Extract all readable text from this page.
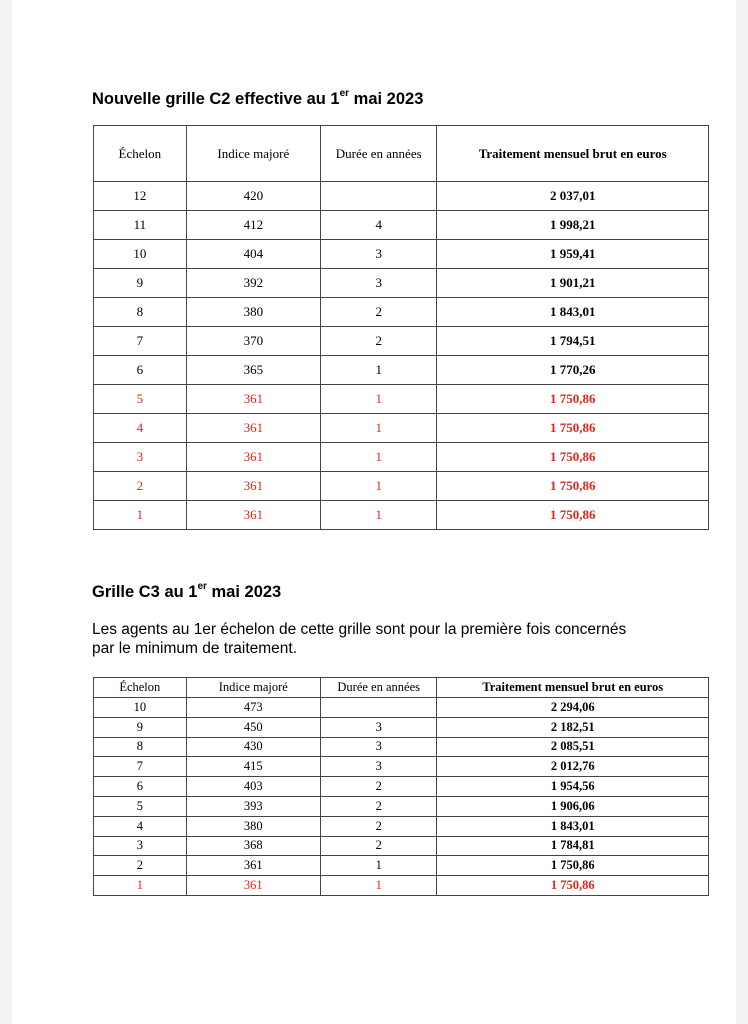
Nouvelle grille C2 effective au 1er mai 2023
Échelon	Indice majoré	Durée en années	Traitement mensuel brut en euros
12	420		2 037,01
11	412	4	1 998,21
10	404	3	1 959,41
9	392	3	1 901,21
8	380	2	1 843,01
7	370	2	1 794,51
6	365	1	1 770,26
5	361	1	1 750,86
4	361	1	1 750,86
3	361	1	1 750,86
2	361	1	1 750,86
1	361	1	1 750,86
Grille C3 au 1er mai 2023

Les agents au 1er échelon de cette grille sont pour la première fois concernés par le minimum de traitement.

Échelon	Indice majoré	Durée en années	Traitement mensuel brut en euros
10	473		2 294,06
9	450	3	2 182,51
8	430	3	2 085,51
7	415	3	2 012,76
6	403	2	1 954,56
5	393	2	1 906,06
4	380	2	1 843,01
3	368	2	1 784,81
2	361	1	1 750,86
1	361	1	1 750,86
